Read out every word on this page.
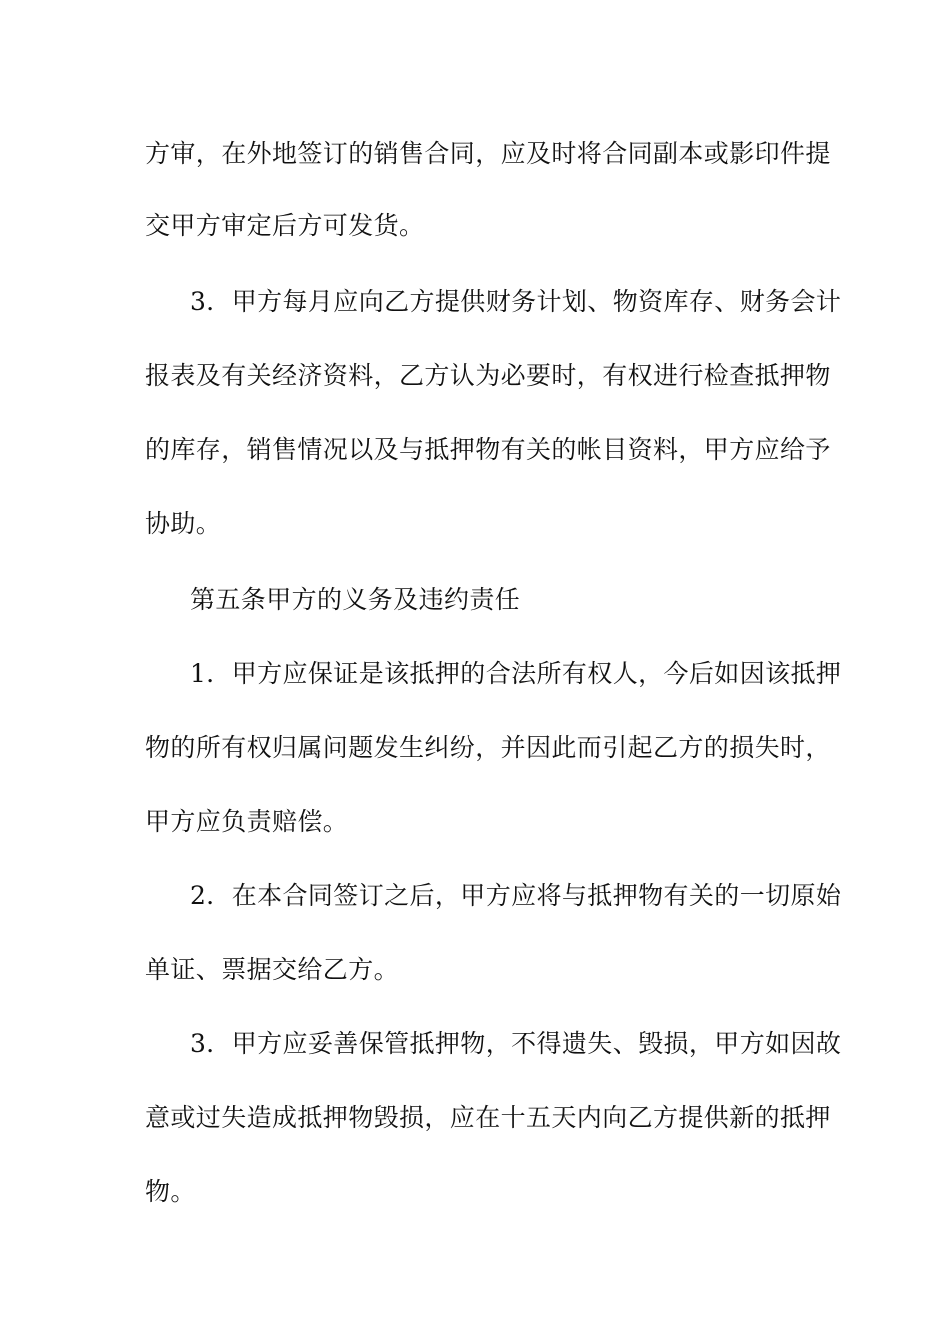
方审，在外地签订的销售合同，应及时将合同副本或影印件提
交甲方审定后方可发货。
3．甲方每月应向乙方提供财务计划、物资库存、财务会计
报表及有关经济资料，乙方认为必要时，有权进行检查抵押物
的库存，销售情况以及与抵押物有关的帐目资料，甲方应给予
协助。
第五条甲方的义务及违约责任
1．甲方应保证是该抵押的合法所有权人，今后如因该抵押
物的所有权归属问题发生纠纷，并因此而引起乙方的损失时，
甲方应负责赔偿。
2．在本合同签订之后，甲方应将与抵押物有关的一切原始
单证、票据交给乙方。
3．甲方应妥善保管抵押物，不得遗失、毁损，甲方如因故
意或过失造成抵押物毁损，应在十五天内向乙方提供新的抵押
物。
